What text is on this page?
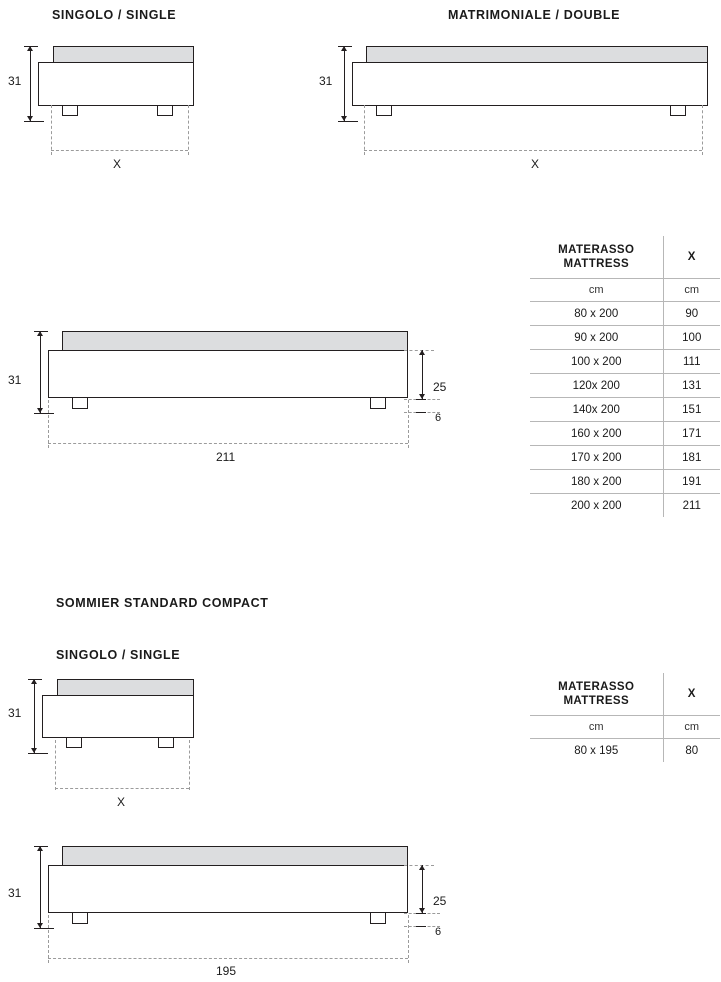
SINGOLO / SINGLE
31
X
MATRIMONIALE / DOUBLE
31
X
31	25
6
211
MATERASSO
MATTRESS	X
cm	cm
80 x 200	90
90 x 200	100
100 x 200	111
120x 200	131
140x 200	151
160 x 200	171
170 x 200	181
180 x 200	191
200 x 200	211
SOMMIER STANDARD COMPACT
SINGOLO / SINGLE
31
X
MATERASSO
MATTRESS	X
cm	cm
80 x 195	80
31
25
6
195
